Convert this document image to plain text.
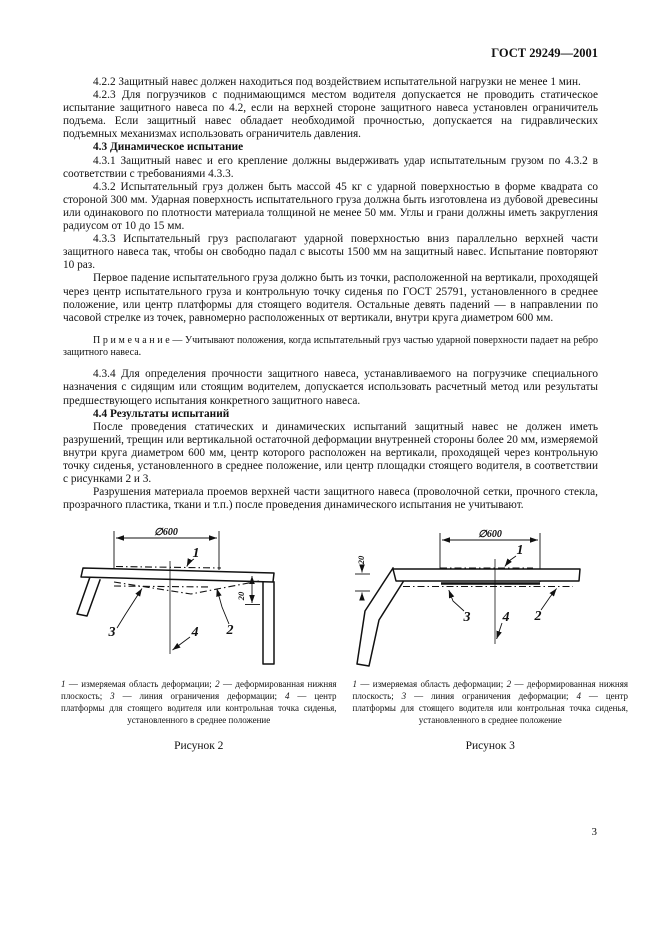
ГОСТ 29249—2001

4.2.2 Защитный навес должен находиться под воздействием испытательной нагрузки не менее 1 мин.

4.2.3 Для погрузчиков с поднимающимся местом водителя допускается не проводить статическое испытание защитного навеса по 4.2, если на верхней стороне защитного навеса установлен ограничитель подъема. Если защитный навес обладает необходимой прочностью, допускается на гидравлических подъемных механизмах использовать ограничитель давления.

4.3 Динамическое испытание

4.3.1 Защитный навес и его крепление должны выдерживать удар испытательным грузом по 4.3.2 в соответствии с требованиями 4.3.3.

4.3.2 Испытательный груз должен быть массой 45 кг с ударной поверхностью в форме квадрата со стороной 300 мм. Ударная поверхность испытательного груза должна быть изготовлена из дубовой древесины или одинакового по плотности материала толщиной не менее 50 мм. Углы и грани должны иметь закругления радиусом от 10 до 15 мм.

4.3.3 Испытательный груз располагают ударной поверхностью вниз параллельно верхней части защитного навеса так, чтобы он свободно падал с высоты 1500 мм на защитный навес. Испытание повторяют 10 раз.

Первое падение испытательного груза должно быть из точки, расположенной на вертикали, проходящей через центр испытательного груза и контрольную точку сиденья по ГОСТ 25791, установленного в среднее положение, или центр платформы для стоящего водителя. Остальные девять падений — в направлении по часовой стрелке из точек, равномерно расположенных от вертикали, внутри круга диаметром 600 мм.

П р и м е ч а н и е — Учитывают положения, когда испытательный груз частью ударной поверхности падает на ребро защитного навеса.

4.3.4 Для определения прочности защитного навеса, устанавливаемого на погрузчике специального назначения с сидящим или стоящим водителем, допускается использовать расчетный метод или результаты предшествующего испытания конкретного защитного навеса.

4.4 Результаты испытаний

После проведения статических и динамических испытаний защитный навес не должен иметь разрушений, трещин или вертикальной остаточной деформации внутренней стороны более 20 мм, измеряемой внутри круга диаметром 600 мм, центр которого расположен на вертикали, проходящей через контрольную точку сиденья, установленного в среднее положение, или центр площадки стоящего водителя, в соответствии с рисунками 2 и 3.

Разрушения материала проемов верхней части защитного навеса (проволочной сетки, прочного стекла, прозрачного пластика, ткани и т.п.) после проведения динамического испытания не учитывают.

∅600
20
1
3	4 2
1 — измеряемая область деформации; 2 — деформированная нижняя плоскость; 3 — линия ограничения деформации; 4 — центр платформы для стоящего водителя или контрольная точка сиденья, установленного в среднее положение
Рисунок 2
∅600
20
1
3 4 2
1 — измеряемая область деформации; 2 — деформированная нижняя плоскость; 3 — линия ограничения деформации; 4 — центр платформы для стоящего водителя или контрольная точка сиденья, установленного в среднее положение
Рисунок 3
3
